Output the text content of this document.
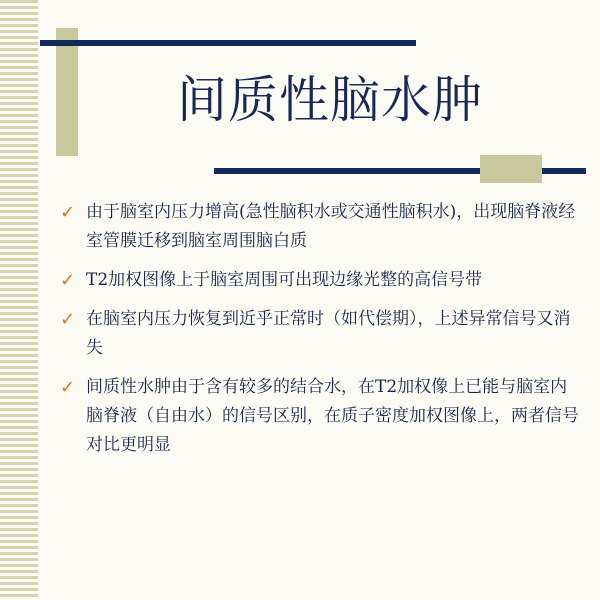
间质性脑水肿
✓ 由于脑室内压力增高(急性脑积水或交通性脑积水)，出现脑脊液经室管膜迁移到脑室周围脑白质
✓ T2加权图像上于脑室周围可出现边缘光整的高信号带
✓ 在脑室内压力恢复到近乎正常时（如代偿期），上述异常信号又消失
✓ 间质性水肿由于含有较多的结合水，在T2加权像上已能与脑室内脑脊液（自由水）的信号区别，在质子密度加权图像上，两者信号对比更明显
